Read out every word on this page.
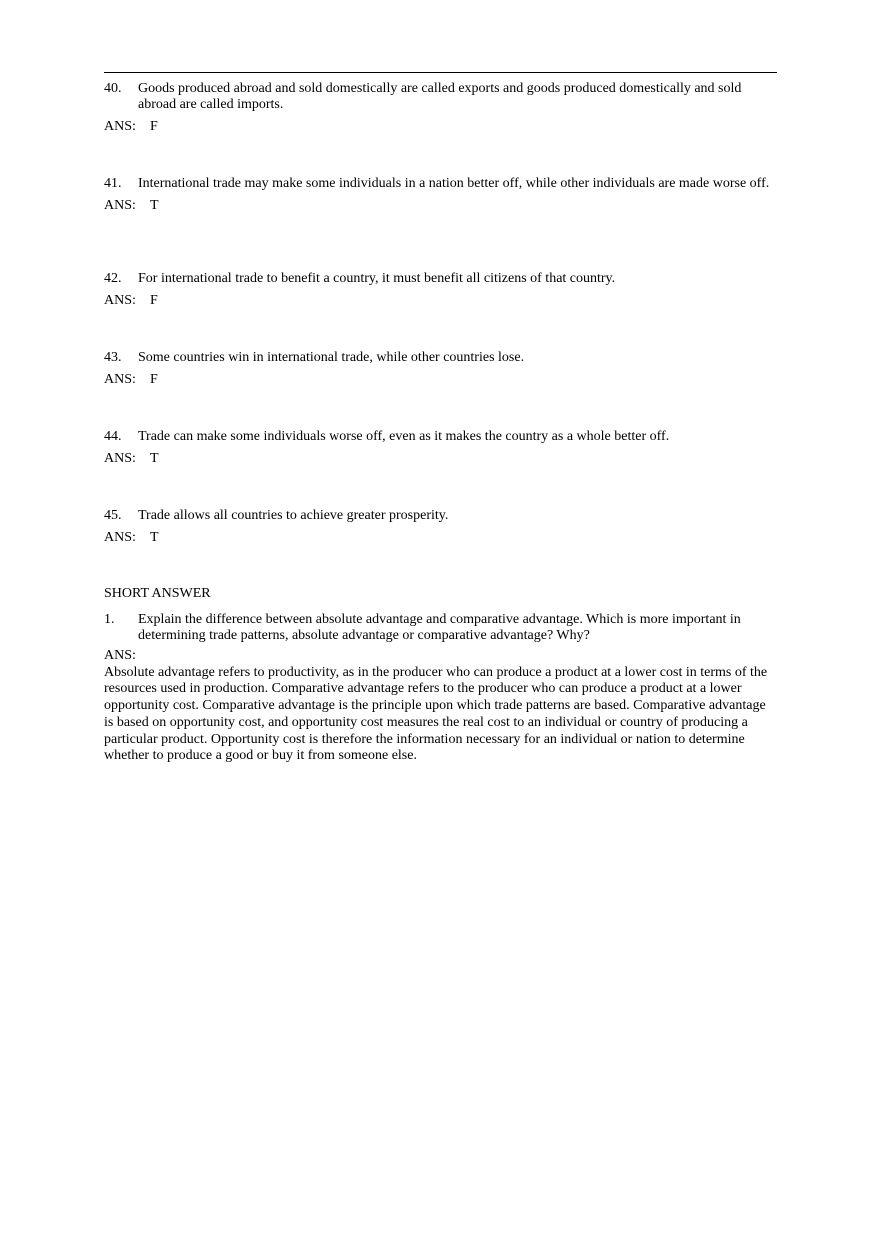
40. Goods produced abroad and sold domestically are called exports and goods produced domestically and sold abroad are called imports.
ANS: F
41. International trade may make some individuals in a nation better off, while other individuals are made worse off.
ANS: T
42. For international trade to benefit a country, it must benefit all citizens of that country.
ANS: F
43. Some countries win in international trade, while other countries lose.
ANS: F
44. Trade can make some individuals worse off, even as it makes the country as a whole better off.
ANS: T
45. Trade allows all countries to achieve greater prosperity.
ANS: T
SHORT ANSWER
1. Explain the difference between absolute advantage and comparative advantage. Which is more important in determining trade patterns, absolute advantage or comparative advantage? Why?
ANS:
Absolute advantage refers to productivity, as in the producer who can produce a product at a lower cost in terms of the resources used in production. Comparative advantage refers to the producer who can produce a product at a lower opportunity cost. Comparative advantage is the principle upon which trade patterns are based. Comparative advantage is based on opportunity cost, and opportunity cost measures the real cost to an individual or country of producing a particular product. Opportunity cost is therefore the information necessary for an individual or nation to determine whether to produce a good or buy it from someone else.
